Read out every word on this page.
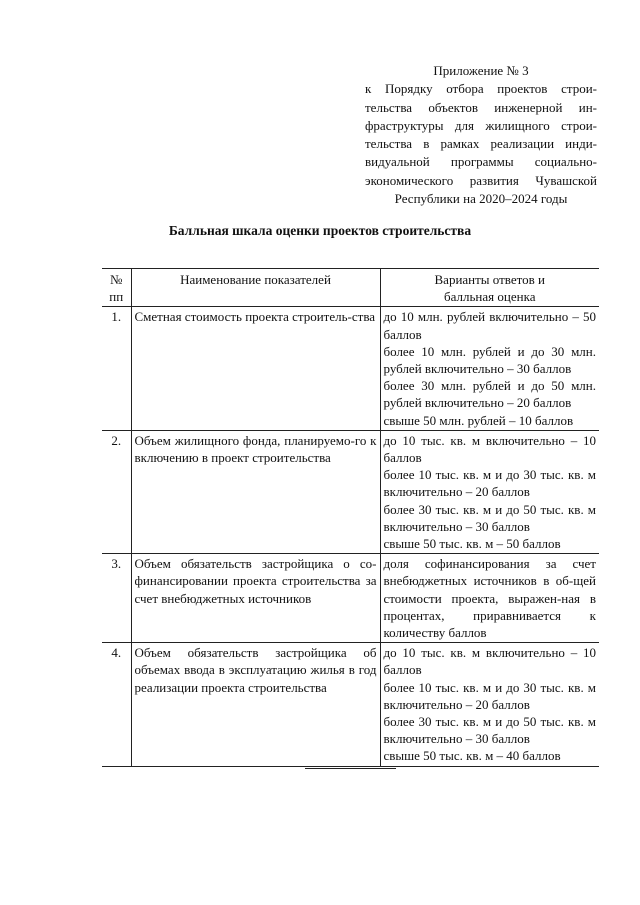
Приложение № 3
к Порядку отбора проектов строи-
тельства объектов инженерной ин-
фраструктуры для жилищного строи-
тельства в рамках реализации инди-
видуальной программы социально-
экономического развития Чувашской
Республики на 2020–2024 годы
Балльная шкала оценки проектов строительства
№
пп	Наименование показателей	Варианты ответов и
балльная оценка
1.	Сметная стоимость проекта строитель-ства	до 10 млн. рублей включительно – 50 баллов
более 10 млн. рублей и до 30 млн. рублей включительно – 30 баллов
более 30 млн. рублей и до 50 млн. рублей включительно – 20 баллов
свыше 50 млн. рублей – 10 баллов

2.	Объем жилищного фонда, планируемо-го к включению в проект строительства	до 10 тыс. кв. м включительно – 10 баллов
более 10 тыс. кв. м и до 30 тыс. кв. м включительно – 20 баллов
более 30 тыс. кв. м и до 50 тыс. кв. м включительно – 30 баллов
свыше 50 тыс. кв. м – 50 баллов

3.	Объем обязательств застройщика о со-финансировании проекта строительства за счет внебюджетных источников	доля софинансирования за счет внебюджетных источников в об-щей стоимости проекта, выражен-ная в процентах, приравнивается к количеству баллов

4.	Объем обязательств застройщика об объемах ввода в эксплуатацию жилья в год реализации проекта строительства	до 10 тыс. кв. м включительно – 10 баллов
более 10 тыс. кв. м и до 30 тыс. кв. м включительно – 20 баллов
более 30 тыс. кв. м и до 50 тыс. кв. м включительно – 30 баллов
свыше 50 тыс. кв. м – 40 баллов
